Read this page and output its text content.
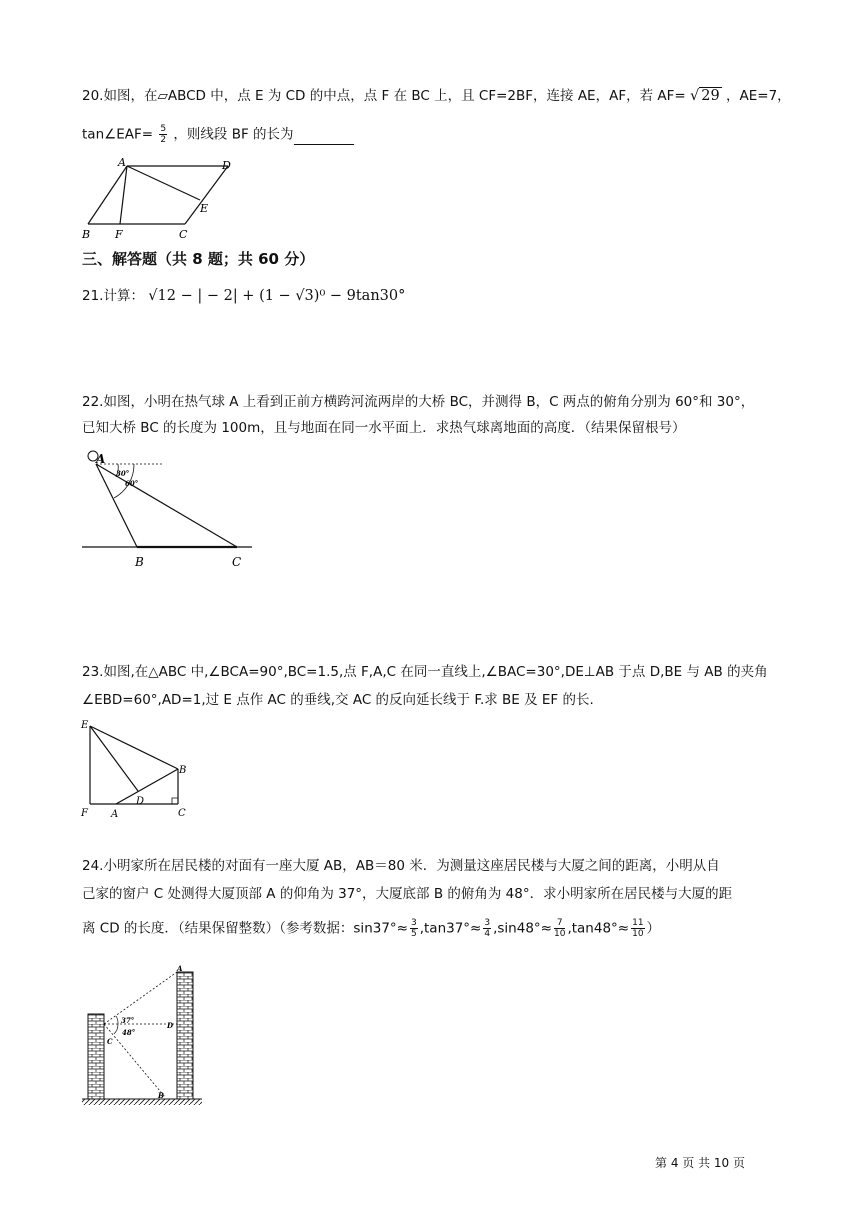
20.如图，在▱ABCD 中，点 E 为 CD 的中点，点 F 在 BC 上，且 CF=2BF，连接 AE，AF，若 AF= √ 29 ，AE=7，
tan∠EAF= $\frac{5}{2}$ ，则线段 BF 的长为
A	D
E
B F	C
三、解答题（共 8 题；共 60 分）
21.计算： √12 − | − 2| + (1 − √3)⁰ − 9tan30°
22.如图，小明在热气球 A 上看到正前方横跨河流两岸的大桥 BC，并测得 B，C 两点的俯角分别为 60°和 30°，
已知大桥 BC 的长度为 100m，且与地面在同一水平面上．求热气球离地面的高度．（结果保留根号）
A
30°
60°
B	C
23.如图,在△ABC 中,∠BCA=90°,BC=1.5,点 F,A,C 在同一直线上,∠BAC=30°,DE⊥AB 于点 D,BE 与 AB 的夹角
∠EBD=60°,AD=1,过 E 点作 AC 的垂线,交 AC 的反向延长线于 F.求 BE 及 EF 的长.
E
B
D
F A	C
24.小明家所在居民楼的对面有一座大厦 AB，AB＝80 米．为测量这座居民楼与大厦之间的距离，小明从自
己家的窗户 C 处测得大厦顶部 A 的仰角为 37°，大厦底部 B 的俯角为 48°．求小明家所在居民楼与大厦的距
离 CD 的长度．（结果保留整数）（参考数据：$\sin 37^\circ\approx \frac{3}{5} ,\tan 37^\circ\approx \frac{3}{4} ,\sin 48^\circ\approx \frac{7}{10} ,\tan 48^\circ\approx \frac{11}{10}$ ）
A
D
C
B
37°
48°
第 4 页 共 10 页
